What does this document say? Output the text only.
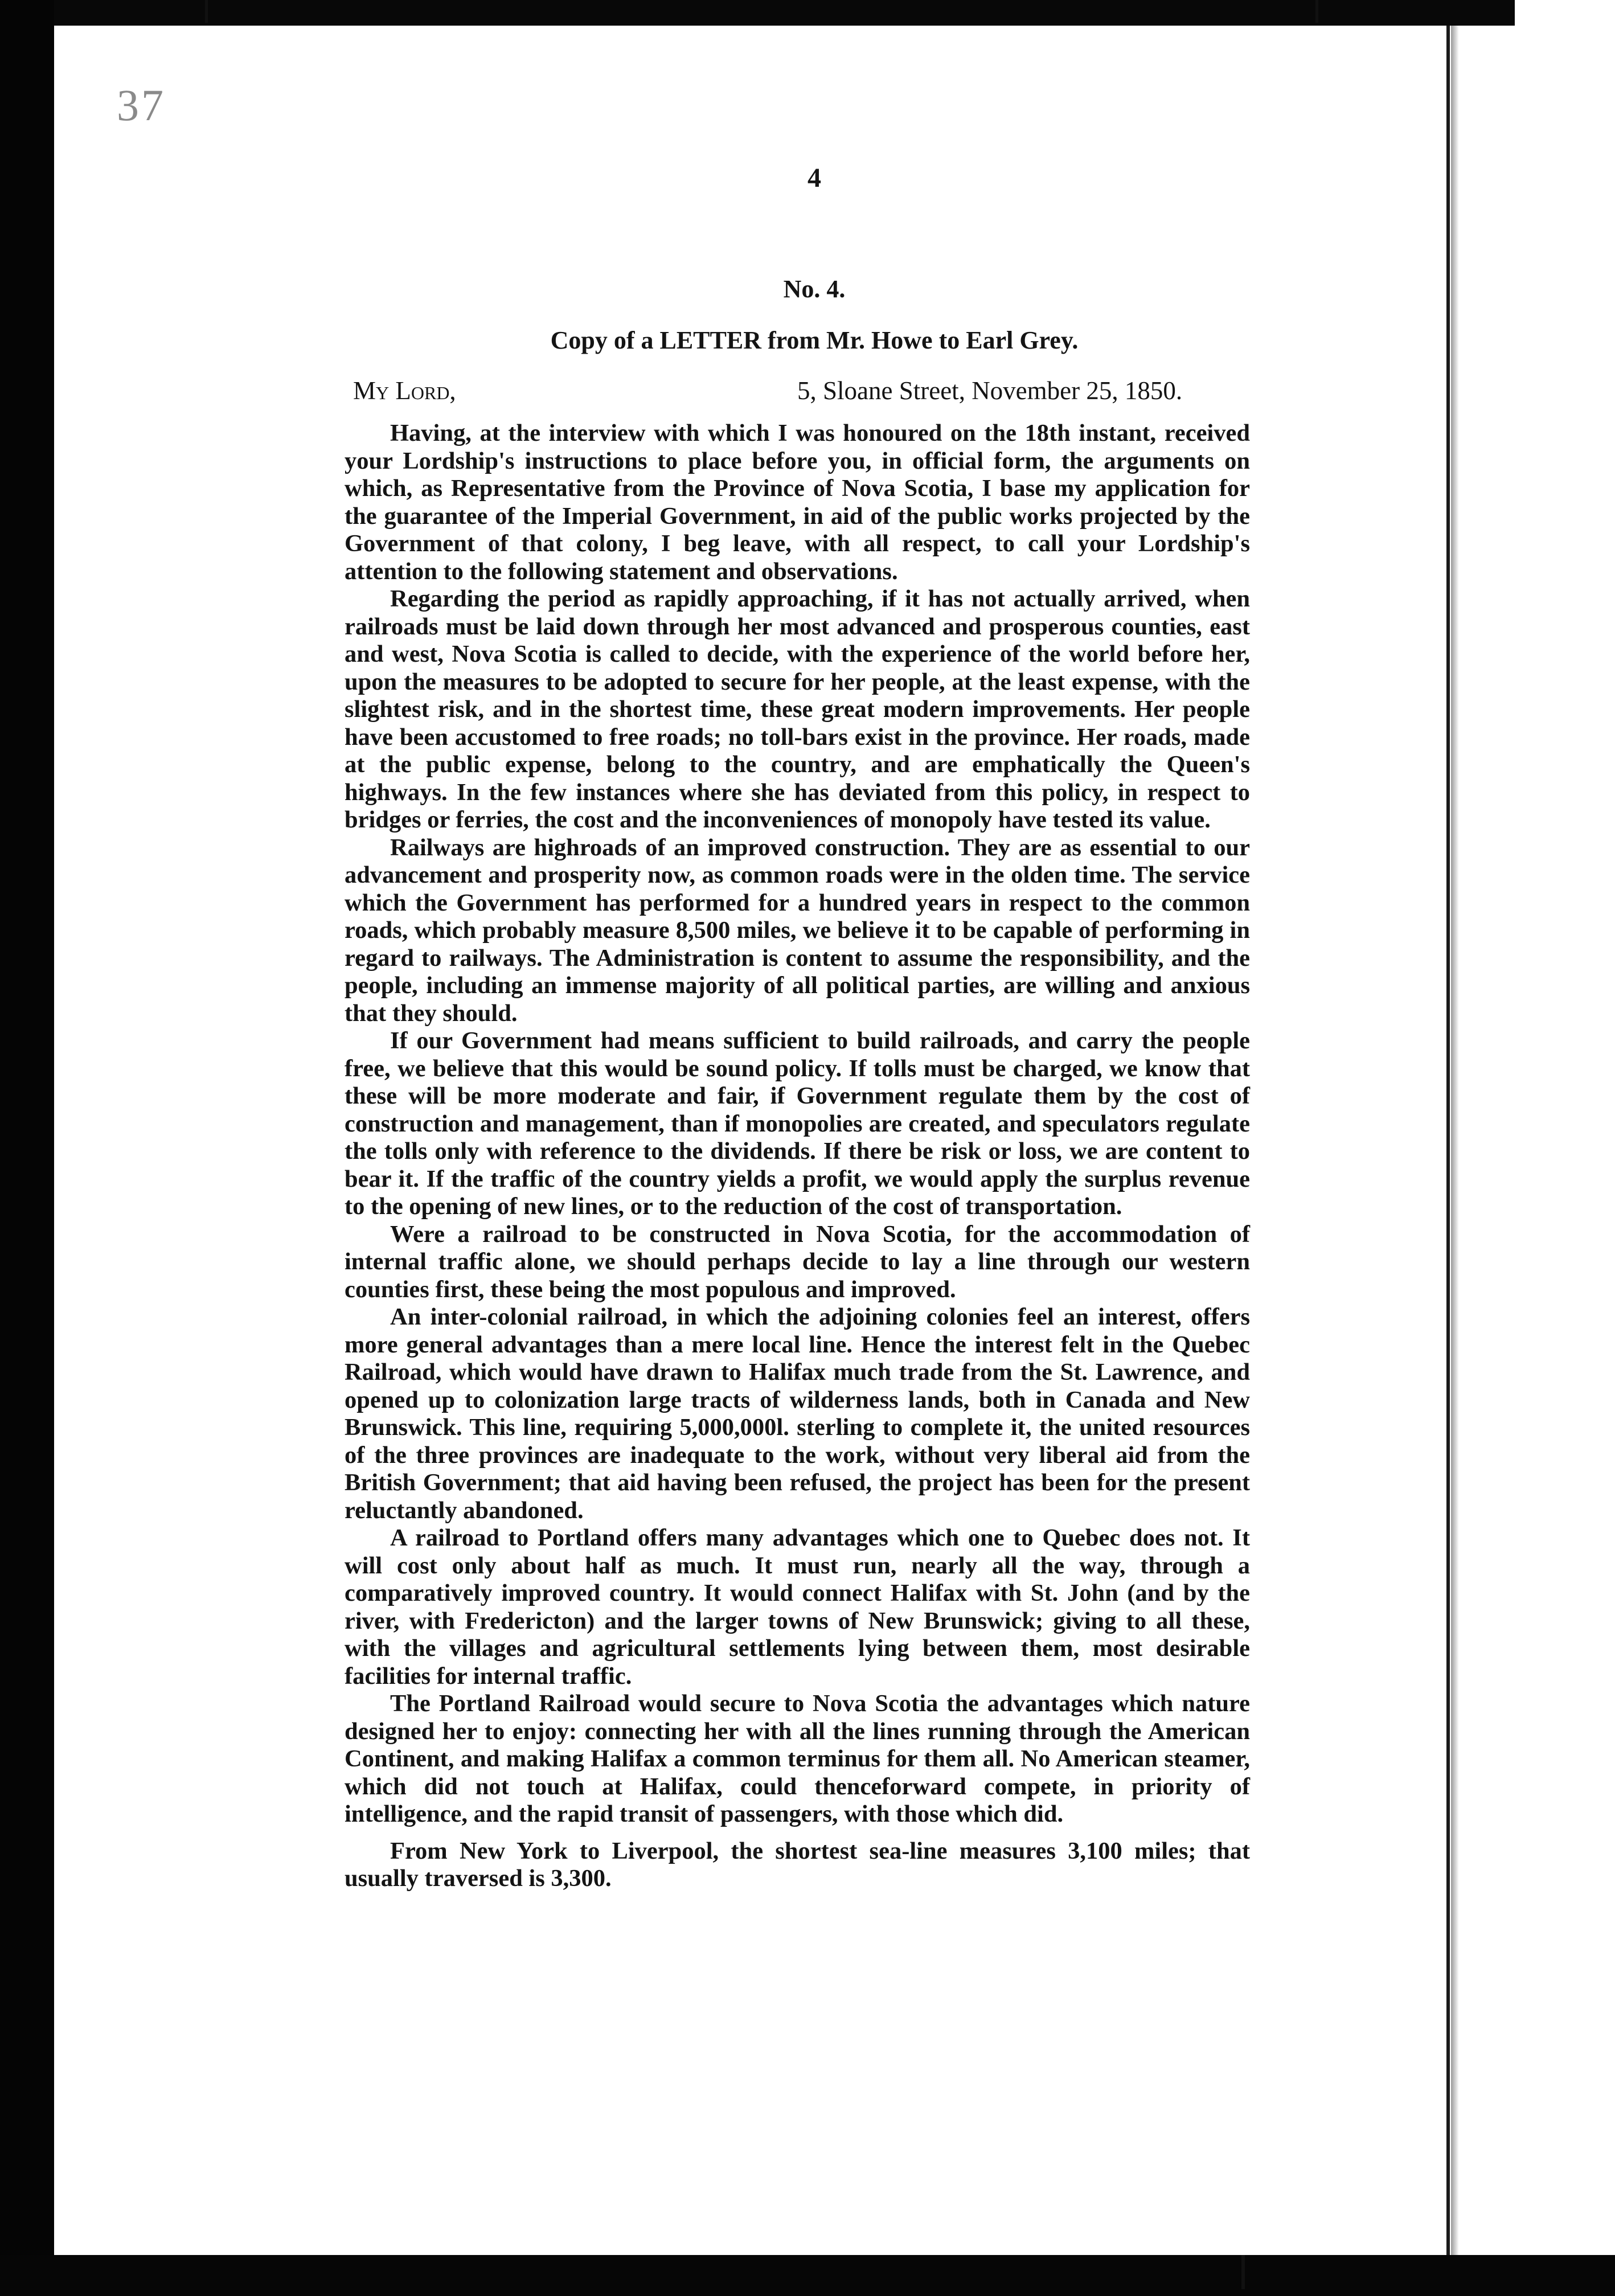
37
4
No. 4.
Copy of a LETTER from Mr. Howe to Earl Grey.
My Lord,	5, Sloane Street, November 25, 1850.

Having, at the interview with which I was honoured on the 18th instant, received your Lordship's instructions to place before you, in official form, the arguments on which, as Representative from the Province of Nova Scotia, I base my application for the guarantee of the Imperial Government, in aid of the public works projected by the Government of that colony, I beg leave, with all respect, to call your Lordship's attention to the following statement and observations.

Regarding the period as rapidly approaching, if it has not actually arrived, when railroads must be laid down through her most advanced and prosperous counties, east and west, Nova Scotia is called to decide, with the experience of the world before her, upon the measures to be adopted to secure for her people, at the least expense, with the slightest risk, and in the shortest time, these great modern improvements. Her people have been accustomed to free roads; no toll-bars exist in the province. Her roads, made at the public expense, belong to the country, and are emphatically the Queen's highways. In the few instances where she has deviated from this policy, in respect to bridges or ferries, the cost and the inconveniences of monopoly have tested its value.

Railways are highroads of an improved construction. They are as essential to our advancement and prosperity now, as common roads were in the olden time. The service which the Government has performed for a hundred years in respect to the common roads, which probably measure 8,500 miles, we believe it to be capable of performing in regard to railways. The Administration is content to assume the responsibility, and the people, including an immense majority of all political parties, are willing and anxious that they should.

If our Government had means sufficient to build railroads, and carry the people free, we believe that this would be sound policy. If tolls must be charged, we know that these will be more moderate and fair, if Government regulate them by the cost of construction and management, than if monopolies are created, and speculators regulate the tolls only with reference to the dividends. If there be risk or loss, we are content to bear it. If the traffic of the country yields a profit, we would apply the surplus revenue to the opening of new lines, or to the reduction of the cost of transportation.

Were a railroad to be constructed in Nova Scotia, for the accommodation of internal traffic alone, we should perhaps decide to lay a line through our western counties first, these being the most populous and improved.

An inter-colonial railroad, in which the adjoining colonies feel an interest, offers more general advantages than a mere local line. Hence the interest felt in the Quebec Railroad, which would have drawn to Halifax much trade from the St. Lawrence, and opened up to colonization large tracts of wilderness lands, both in Canada and New Brunswick. This line, requiring 5,000,000l. sterling to complete it, the united resources of the three provinces are inadequate to the work, without very liberal aid from the British Government; that aid having been refused, the project has been for the present reluctantly abandoned.

A railroad to Portland offers many advantages which one to Quebec does not. It will cost only about half as much. It must run, nearly all the way, through a comparatively improved country. It would connect Halifax with St. John (and by the river, with Fredericton) and the larger towns of New Brunswick; giving to all these, with the villages and agricultural settlements lying between them, most desirable facilities for internal traffic.

The Portland Railroad would secure to Nova Scotia the advantages which nature designed her to enjoy: connecting her with all the lines running through the American Continent, and making Halifax a common terminus for them all. No American steamer, which did not touch at Halifax, could thenceforward compete, in priority of intelligence, and the rapid transit of passengers, with those which did.

From New York to Liverpool, the shortest sea-line measures 3,100 miles; that usually traversed is 3,300.
